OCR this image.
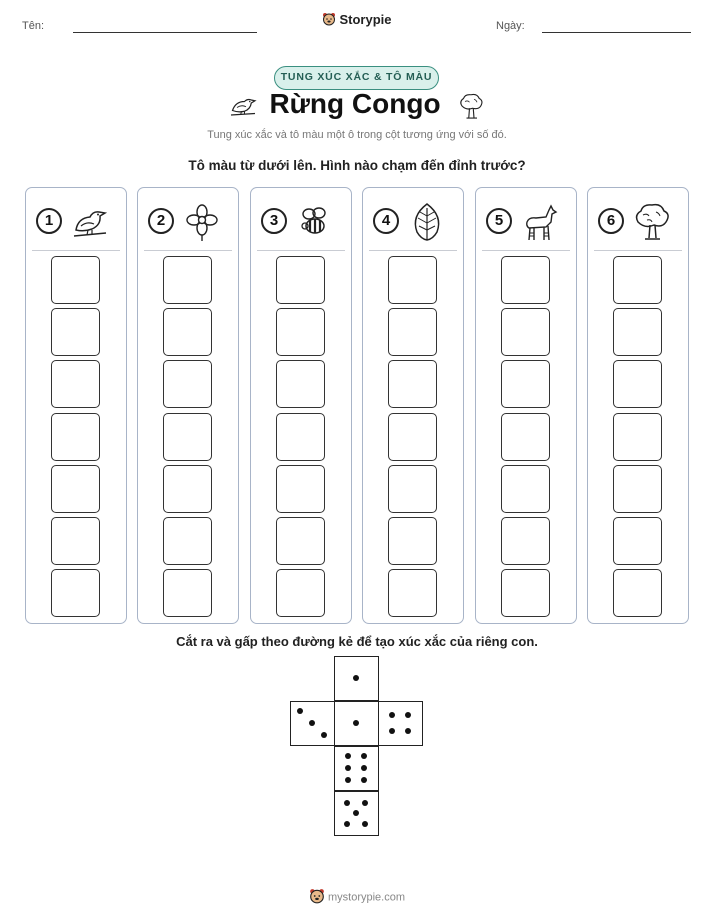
Tên:	Storypie	Ngày:
TUNG XÚC XẮC & TÔ MÀU
Rừng Congo
Tung xúc xắc và tô màu một ô trong cột tương ứng với số đó.
Tô màu từ dưới lên. Hình nào chạm đến đỉnh trước?
1	2	3	4	5	6
Cắt ra và gấp theo đường kẻ để tạo xúc xắc của riêng con.
mystorypie.com
